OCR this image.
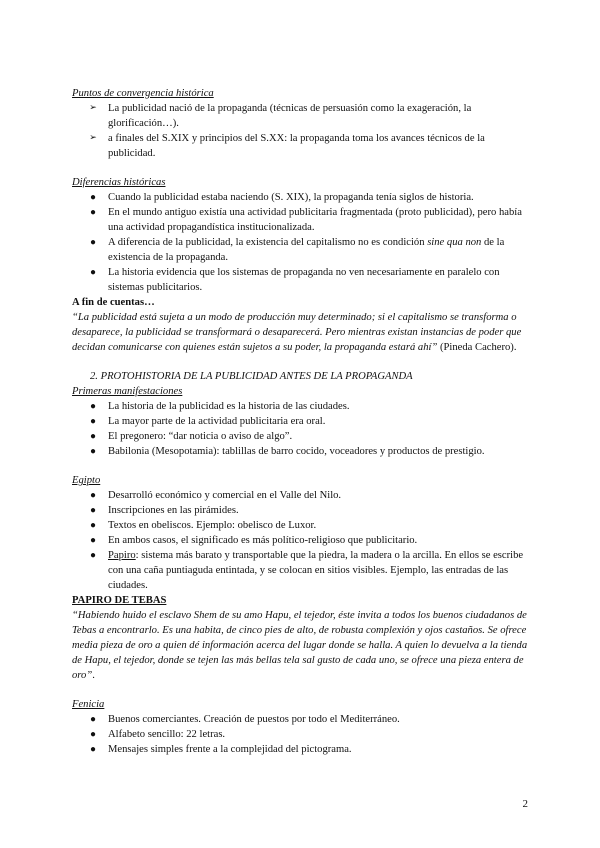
Puntos de convergencia histórica

➢	La publicidad nació de la propaganda (técnicas de persuasión como la exageración, la glorificación…).
➢	a finales del S.XIX y principios del S.XX: la propaganda toma los avances técnicos de la publicidad.

Diferencias históricas

●	Cuando la publicidad estaba naciendo (S. XIX), la propaganda tenía siglos de historia.
●	En el mundo antiguo existía una actividad publicitaria fragmentada (proto publicidad), pero había una actividad propagandística institucionalizada.
●	A diferencia de la publicidad, la existencia del capitalismo no es condición sine qua non de la existencia de la propaganda.
●	La historia evidencia que los sistemas de propaganda no ven necesariamente en paralelo con sistemas publicitarios.

A fin de cuentas…

“La publicidad está sujeta a un modo de producción muy determinado; si el capitalismo se transforma o desaparece, la publicidad se transformará o desaparecerá. Pero mientras existan instancias de poder que decidan comunicarse con quienes están sujetos a su poder, la propaganda estará ahí” (Pineda Cachero).

2. PROTOHISTORIA DE LA PUBLICIDAD ANTES DE LA PROPAGANDA

Primeras manifestaciones

●	La historia de la publicidad es la historia de las ciudades.
●	La mayor parte de la actividad publicitaria era oral.
●	El pregonero: “dar noticia o aviso de algo”.
●	Babilonia (Mesopotamia): tablillas de barro cocido, voceadores y productos de prestigio.

Egipto

●	Desarrolló económico y comercial en el Valle del Nilo.
●	Inscripciones en las pirámides.
●	Textos en obeliscos. Ejemplo: obelisco de Luxor.
●	En ambos casos, el significado es más político-religioso que publicitario.
●	Papiro: sistema más barato y transportable que la piedra, la madera o la arcilla. En ellos se escribe con una caña puntiaguda entintada, y se colocan en sitios visibles. Ejemplo, las entradas de las ciudades.

PAPIRO DE TEBAS

“Habiendo huido el esclavo Shem de su amo Hapu, el tejedor, éste invita a todos los buenos ciudadanos de Tebas a encontrarlo. Es una habita, de cinco pies de alto, de robusta complexión y ojos castaños. Se ofrece media pieza de oro a quien dé información acerca del lugar donde se halla. A quien lo devuelva a la tienda de Hapu, el tejedor, donde se tejen las más bellas tela sal gusto de cada uno, se ofrece una pieza entera de oro”.

Fenicia

●	Buenos comerciantes. Creación de puestos por todo el Mediterráneo.
●	Alfabeto sencillo: 22 letras.
●	Mensajes simples frente a la complejidad del pictograma.
2
